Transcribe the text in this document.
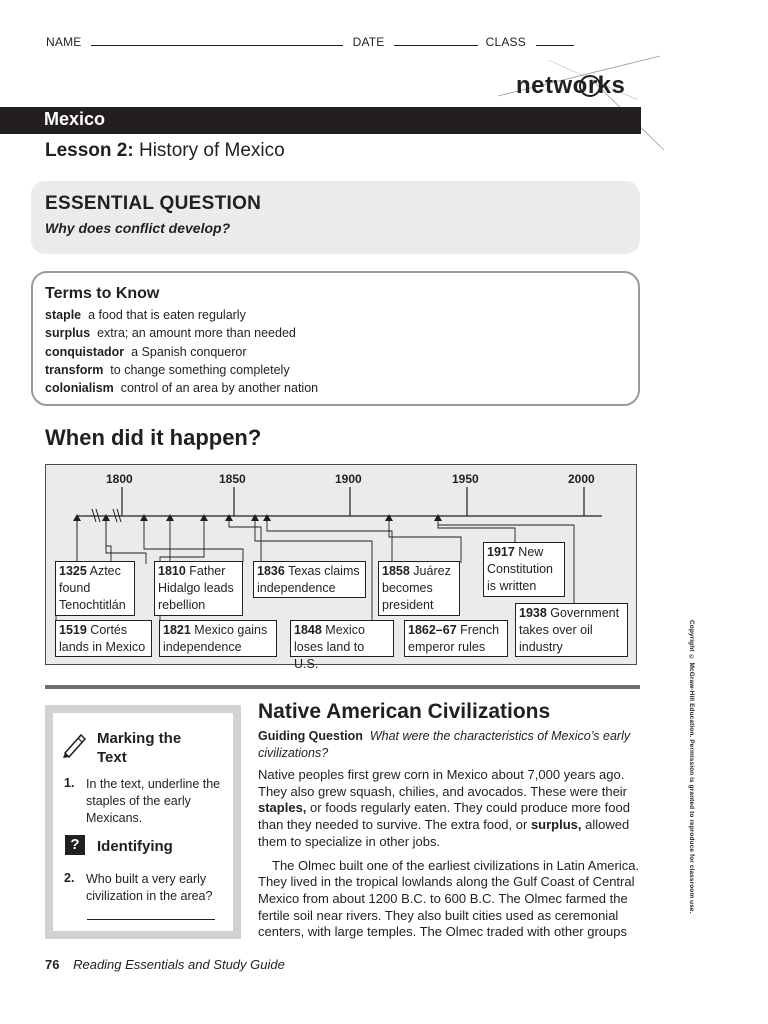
NAME	DATE	CLASS
networks
Mexico
Lesson 2: History of Mexico
ESSENTIAL QUESTION
Why does conflict develop?
Terms to Know
staple a food that is eaten regularly
surplus extra; an amount more than needed
conquistador a Spanish conqueror
transform to change something completely
colonialism control of an area by another nation
When did it happen?
1800	1850	1900	1950	2000
1325 Aztec found Tenochtitlán
1519 Cortés lands in Mexico
1810 Father Hidalgo leads rebellion
1821 Mexico gains independence
1836 Texas claims independence
1848 Mexico loses land to U.S.
1858 Juárez becomes president
1862–67 French emperor rules
1917 New Constitution is written
1938 Government takes over oil industry
Marking the Text
1. In the text, underline the staples of the early Mexicans.
?	Identifying
2. Who built a very early civilization in the area?
Native American Civilizations
Guiding Question What were the characteristics of Mexico’s early civilizations?

Native peoples first grew corn in Mexico about 7,000 years ago. They also grew squash, chilies, and avocados. These were their staples, or foods regularly eaten. They could produce more food than they needed to survive. The extra food, or surplus, allowed them to specialize in other jobs.

The Olmec built one of the earliest civilizations in Latin America. They lived in the tropical lowlands along the Gulf Coast of Central Mexico from about 1200 B.C. to 600 B.C. The Olmec farmed the fertile soil near rivers. They also built cities used as ceremonial centers, with large temples. The Olmec traded with other groups

76 Reading Essentials and Study Guide
Copyright © McGraw-Hill Education. Permission is granted to reproduce for classroom use.
